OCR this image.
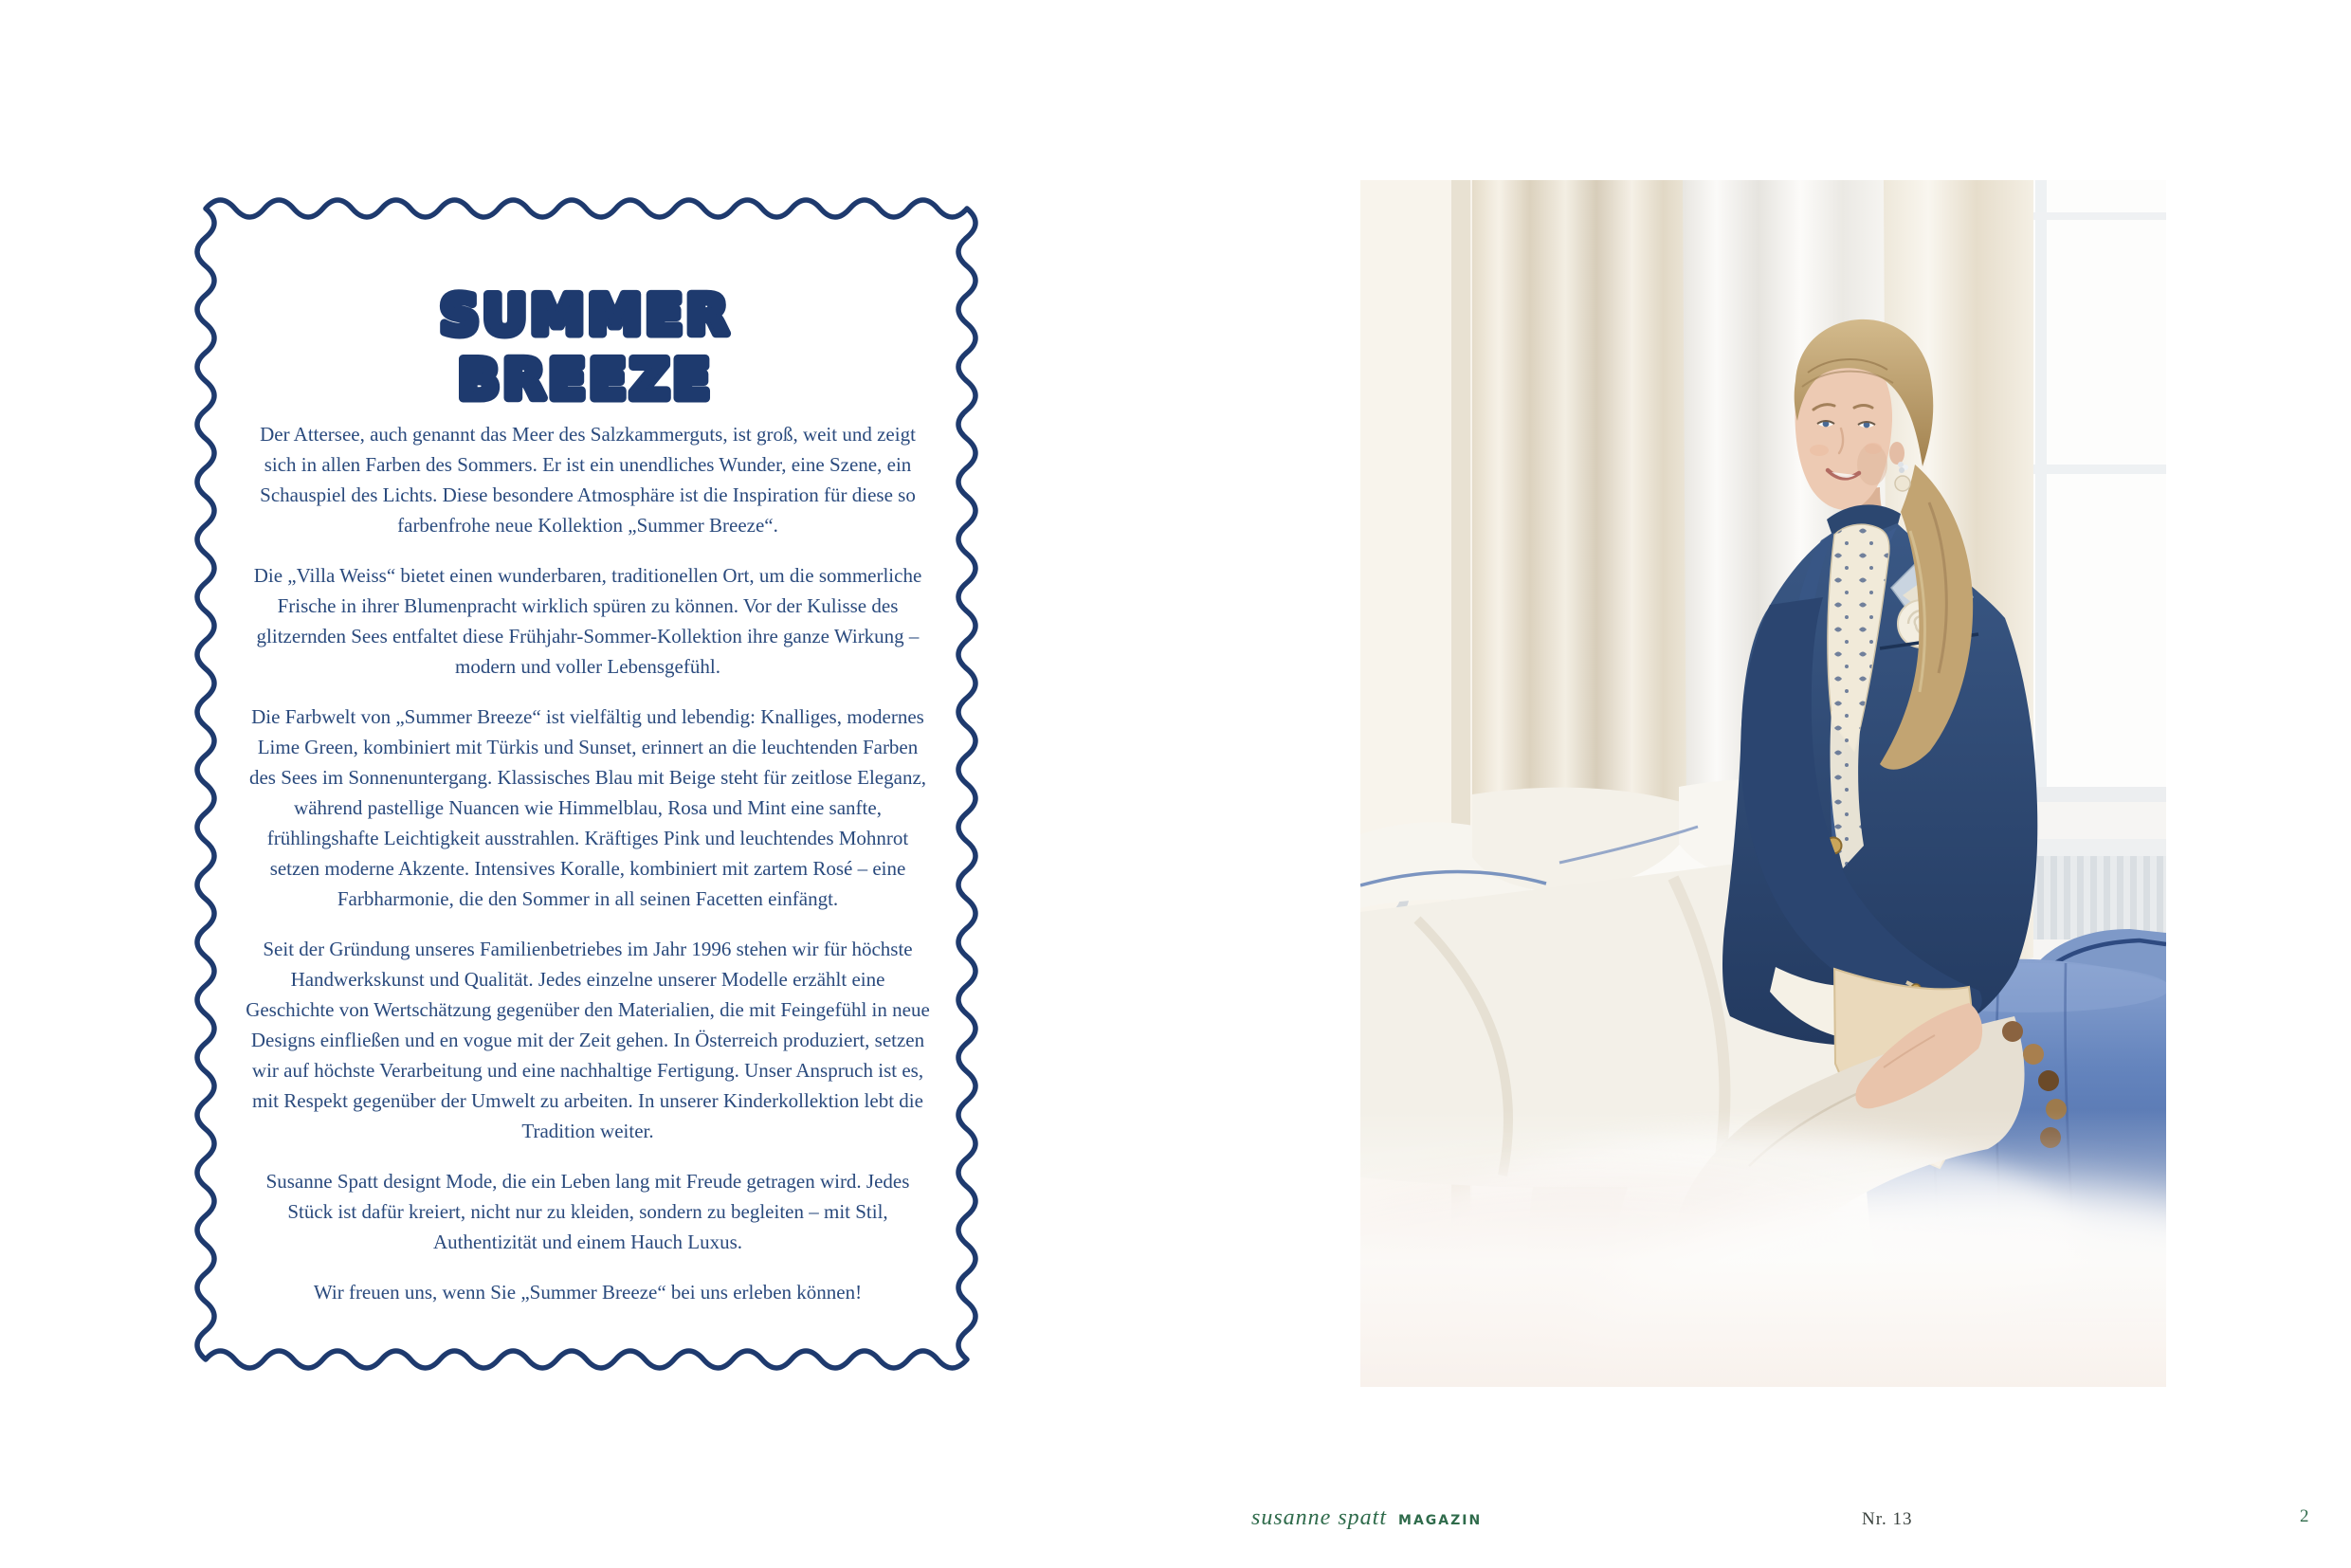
SUMMER
BREEZE

Der Attersee, auch genannt das Meer des Salzkammerguts, ist groß, weit und zeigt sich in allen Farben des Sommers. Er ist ein unendliches Wunder, eine Szene, ein Schauspiel des Lichts. Diese besondere Atmosphäre ist die Inspiration für diese so farbenfrohe neue Kollektion „Summer Breeze“.

Die „Villa Weiss“ bietet einen wunderbaren, traditionellen Ort, um die sommerliche Frische in ihrer Blumenpracht wirklich spüren zu können. Vor der Kulisse des glitzernden Sees entfaltet diese Frühjahr-Sommer-Kollektion ihre ganze Wirkung – modern und voller Lebensgefühl.

Die Farbwelt von „Summer Breeze“ ist vielfältig und lebendig: Knalliges, modernes Lime Green, kombiniert mit Türkis und Sunset, erinnert an die leuchtenden Farben des Sees im Sonnenuntergang. Klassisches Blau mit Beige steht für zeitlose Eleganz, während pastellige Nuancen wie Himmelblau, Rosa und Mint eine sanfte, frühlingshafte Leichtigkeit ausstrahlen. Kräftiges Pink und leuchtendes Mohnrot setzen moderne Akzente. Intensives Koralle, kombiniert mit zartem Rosé – eine Farbharmonie, die den Sommer in all seinen Facetten einfängt.

Seit der Gründung unseres Familienbetriebes im Jahr 1996 stehen wir für höchste Handwerkskunst und Qualität. Jedes einzelne unserer Modelle erzählt eine Geschichte von Wertschätzung gegenüber den Materialien, die mit Feingefühl in neue Designs einfließen und en vogue mit der Zeit gehen. In Österreich produziert, setzen wir auf höchste Verarbeitung und eine nachhaltige Fertigung. Unser Anspruch ist es, mit Respekt gegenüber der Umwelt zu arbeiten. In unserer Kinderkollektion lebt die Tradition weiter.

Susanne Spatt designt Mode, die ein Leben lang mit Freude getragen wird. Jedes Stück ist dafür kreiert, nicht nur zu kleiden, sondern zu begleiten – mit Stil, Authentizität und einem Hauch Luxus.

Wir freuen uns, wenn Sie „Summer Breeze“ bei uns erleben können!

susanne spatt MAGAZIN	Nr. 13	2
